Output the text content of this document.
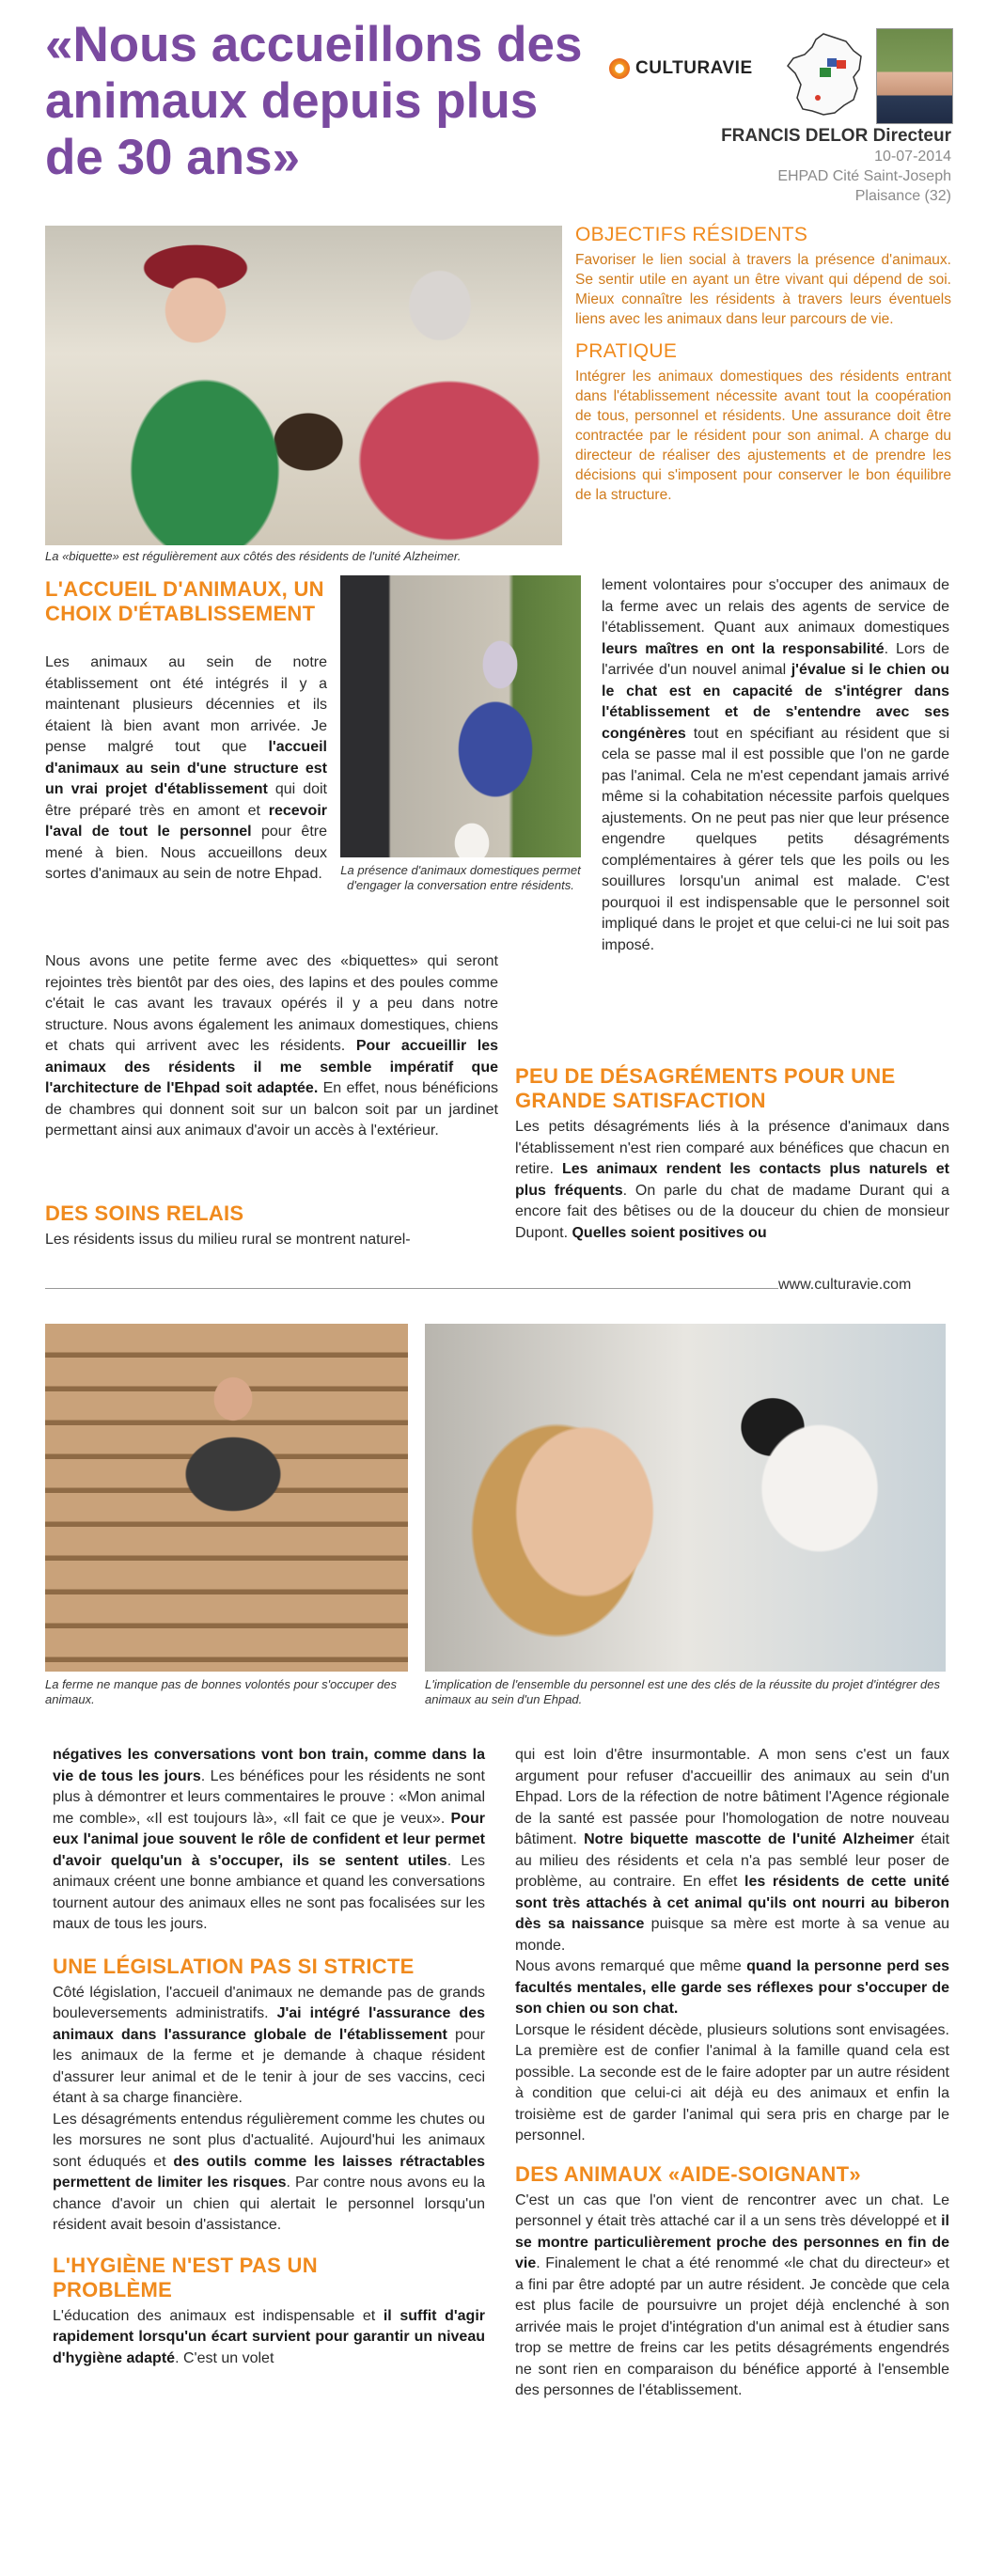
«Nous accueillons des animaux depuis plus de 30 ans»
CULTURAVIE
FRANCIS DELOR Directeur
10-07-2014
EHPAD Cité Saint-Joseph
Plaisance (32)
La «biquette» est régulièrement aux côtés des résidents de l'unité Alzheimer.
OBJECTIFS RÉSIDENTS

Favoriser le lien social à travers la présence d'animaux. Se sentir utile en ayant un être vivant qui dépend de soi. Mieux connaître les résidents à travers leurs éventuels liens avec les animaux dans leur parcours de vie.

PRATIQUE

Intégrer les animaux domestiques des résidents entrant dans l'établissement nécessite avant tout la coopération de tous, personnel et résidents. Une assurance doit être contractée par le résident pour son animal. A charge du directeur de réaliser des ajustements et de prendre les décisions qui s'imposent pour conserver le bon équilibre de la structure.

L'ACCUEIL D'ANIMAUX, UN CHOIX D'ÉTABLISSEMENT

Les animaux au sein de notre établissement ont été intégrés il y a maintenant plusieurs décennies et ils étaient là bien avant mon arrivée. Je pense malgré tout que l'accueil d'animaux au sein d'une structure est un vrai projet d'établissement qui doit être préparé très en amont et recevoir l'aval de tout le personnel pour être mené à bien. Nous accueillons deux sortes d'animaux au sein de notre Ehpad.

Nous avons une petite ferme avec des «biquettes» qui seront rejointes très bientôt par des oies, des lapins et des poules comme c'était le cas avant les travaux opérés il y a peu dans notre structure. Nous avons également les animaux domestiques, chiens et chats qui arrivent avec les résidents. Pour accueillir les animaux des résidents il me semble impératif que l'architecture de l'Ehpad soit adaptée. En effet, nous bénéficions de chambres qui donnent soit sur un balcon soit par un jardinet permettant ainsi aux animaux d'avoir un accès à l'extérieur.

La présence d'animaux domestiques permet d'engager la conversation entre résidents.
DES SOINS RELAIS

Les résidents issus du milieu rural se montrent naturel-

lement volontaires pour s'occuper des animaux de la ferme avec un relais des agents de service de l'établissement. Quant aux animaux domestiques leurs maîtres en ont la responsabilité. Lors de l'arrivée d'un nouvel animal j'évalue si le chien ou le chat est en capacité de s'intégrer dans l'établissement et de s'entendre avec ses congénères tout en spécifiant au résident que si cela se passe mal il est possible que l'on ne garde pas l'animal. Cela ne m'est cependant jamais arrivé même si la cohabitation nécessite parfois quelques ajustements. On ne peut pas nier que leur présence engendre quelques petits désagréments complémentaires à gérer tels que les poils ou les souillures lorsqu'un animal est malade. C'est pourquoi il est indispensable que le personnel soit impliqué dans le projet et que celui-ci ne lui soit pas imposé.

PEU DE DÉSAGRÉMENTS POUR UNE GRANDE SATISFACTION

Les petits désagréments liés à la présence d'animaux dans l'établissement n'est rien comparé aux bénéfices que chacun en retire. Les animaux rendent les contacts plus naturels et plus fréquents. On parle du chat de madame Durant qui a encore fait des bêtises ou de la douceur du chien de monsieur Dupont. Quelles soient positives ou

www.culturavie.com
La ferme ne manque pas de bonnes volontés pour s'occuper des animaux.
L'implication de l'ensemble du personnel est une des clés de la réussite du projet d'intégrer des animaux au sein d'un Ehpad.

négatives les conversations vont bon train, comme dans la vie de tous les jours. Les bénéfices pour les résidents ne sont plus à démontrer et leurs commentaires le prouve : «Mon animal me comble», «Il est toujours là», «Il fait ce que je veux». Pour eux l'animal joue souvent le rôle de confident et leur permet d'avoir quelqu'un à s'occuper, ils se sentent utiles. Les animaux créent une bonne ambiance et quand les conversations tournent autour des animaux elles ne sont pas focalisées sur les maux de tous les jours.

UNE LÉGISLATION PAS SI STRICTE

Côté législation, l'accueil d'animaux ne demande pas de grands bouleversements administratifs. J'ai intégré l'assurance des animaux dans l'assurance globale de l'établissement pour les animaux de la ferme et je demande à chaque résident d'assurer leur animal et de le tenir à jour de ses vaccins, ceci étant à sa charge financière.

Les désagréments entendus régulièrement comme les chutes ou les morsures ne sont plus d'actualité. Aujourd'hui les animaux sont éduqués et des outils comme les laisses rétractables permettent de limiter les risques. Par contre nous avons eu la chance d'avoir un chien qui alertait le personnel lorsqu'un résident avait besoin d'assistance.

L'HYGIÈNE N'EST PAS UN PROBLÈME

L'éducation des animaux est indispensable et il suffit d'agir rapidement lorsqu'un écart survient pour garantir un niveau d'hygiène adapté. C'est un volet

qui est loin d'être insurmontable. A mon sens c'est un faux argument pour refuser d'accueillir des animaux au sein d'un Ehpad. Lors de la réfection de notre bâtiment l'Agence régionale de la santé est passée pour l'homologation de notre nouveau bâtiment. Notre biquette mascotte de l'unité Alzheimer était au milieu des résidents et cela n'a pas semblé leur poser de problème, au contraire. En effet les résidents de cette unité sont très attachés à cet animal qu'ils ont nourri au biberon dès sa naissance puisque sa mère est morte à sa venue au monde.

Nous avons remarqué que même quand la personne perd ses facultés mentales, elle garde ses réflexes pour s'occuper de son chien ou son chat.

Lorsque le résident décède, plusieurs solutions sont envisagées. La première est de confier l'animal à la famille quand cela est possible. La seconde est de le faire adopter par un autre résident à condition que celui-ci ait déjà eu des animaux et enfin la troisième est de garder l'animal qui sera pris en charge par le personnel.

DES ANIMAUX «AIDE-SOIGNANT»

C'est un cas que l'on vient de rencontrer avec un chat. Le personnel y était très attaché car il a un sens très développé et il se montre particulièrement proche des personnes en fin de vie. Finalement le chat a été renommé «le chat du directeur» et a fini par être adopté par un autre résident. Je concède que cela est plus facile de poursuivre un projet déjà enclenché à son arrivée mais le projet d'intégration d'un animal est à étudier sans trop se mettre de freins car les petits désagréments engendrés ne sont rien en comparaison du bénéfice apporté à l'ensemble des personnes de l'établissement.
